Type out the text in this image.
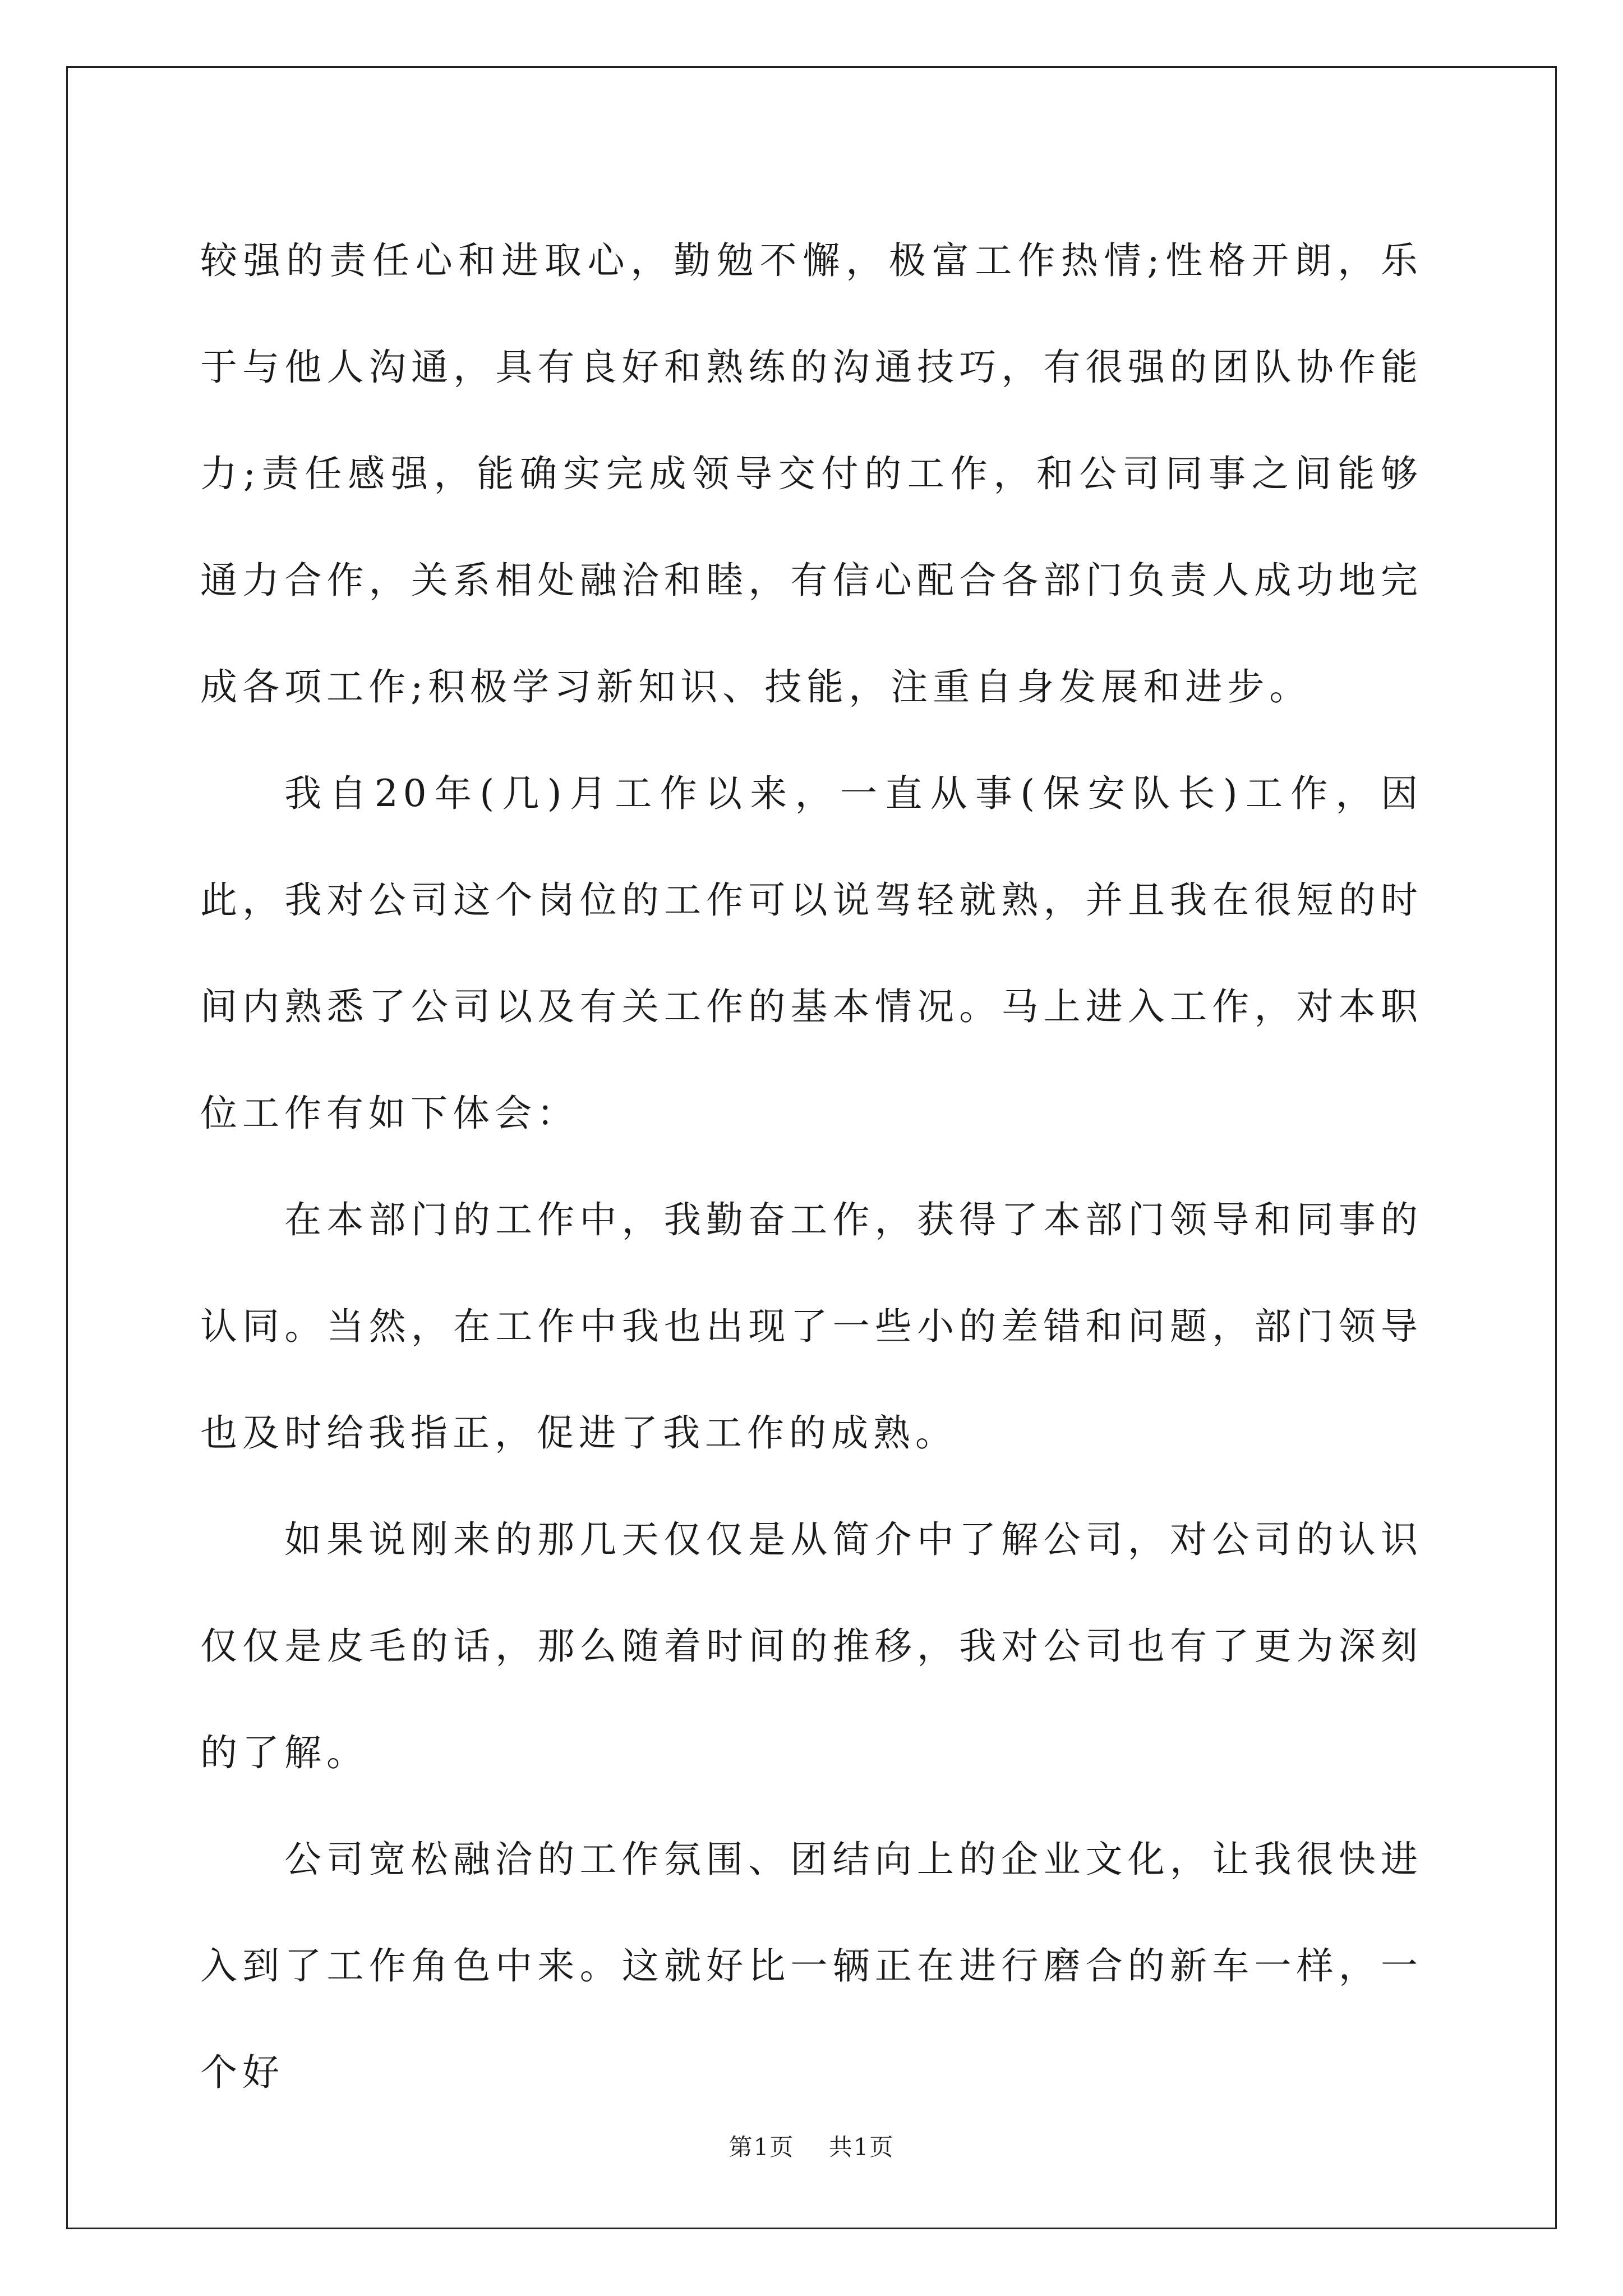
较强的责任心和进取心，勤勉不懈，极富工作热情;性格开朗，乐于与他人沟通，具有良好和熟练的沟通技巧，有很强的团队协作能力;责任感强，能确实完成领导交付的工作，和公司同事之间能够通力合作，关系相处融洽和睦，有信心配合各部门负责人成功地完成各项工作;积极学习新知识、技能，注重自身发展和进步。

我自20年(几)月工作以来，一直从事(保安队长)工作，因此，我对公司这个岗位的工作可以说驾轻就熟，并且我在很短的时间内熟悉了公司以及有关工作的基本情况。马上进入工作，对本职位工作有如下体会：

在本部门的工作中，我勤奋工作，获得了本部门领导和同事的认同。当然，在工作中我也出现了一些小的差错和问题，部门领导也及时给我指正，促进了我工作的成熟。

如果说刚来的那几天仅仅是从简介中了解公司，对公司的认识仅仅是皮毛的话，那么随着时间的推移，我对公司也有了更为深刻的了解。

公司宽松融洽的工作氛围、团结向上的企业文化，让我很快进入到了工作角色中来。这就好比一辆正在进行磨合的新车一样，一个好

第1页 共1页
